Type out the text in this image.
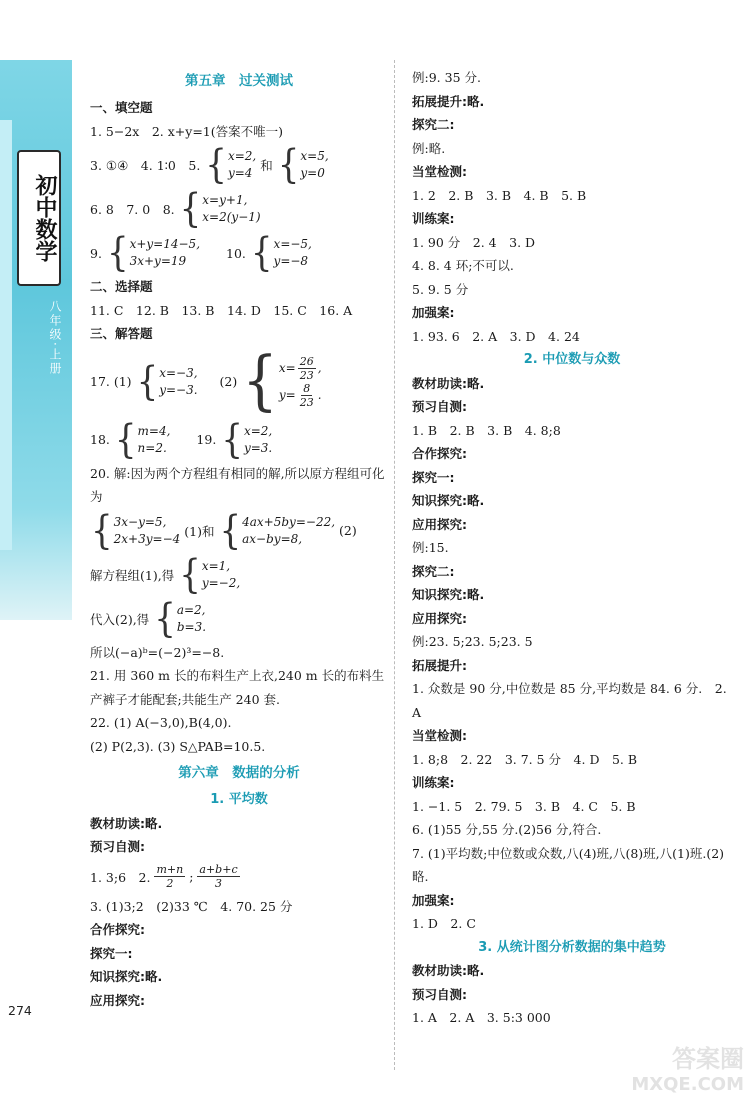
初中数学
八年级·上册
274
第五章　过关测试
一、填空题
1. 5−2x　2. x+y=1(答案不唯一)
3. ①④　4. 1∶0　5. { x=2,
y=4 和 { x=5,
y=0
6. 8　7. 0　8. { x=y+1,
x=2(y−1)
9. { x+y=14−5,
3x+y=19
10. { x=−5,
y=−8
二、选择题
11. C　12. B　13. B　14. D　15. C　16. A
三、解答题
17. (1) { x=−3,
y=−3.
(2) { $x= \frac{26}{23}$ ,
$y= \frac{8}{23}$ .
18. { m=4,
n=2.
19. { x=2,
y=3.
20. 解:因为两个方程组有相同的解,所以原方程组可化为
{ 3x−y=5,
2x+3y=−4 (1)和 { 4ax+5by=−22,
ax−by=8,
(2)
解方程组(1),得 { x=1,
y=−2,
代入(2),得 { a=2,
b=3.
所以(−a)ᵇ=(−2)³=−8.
21. 用 360 m 长的布料生产上衣,240 m 长的布料生产裤子才能配套;共能生产 240 套.
22. (1) A(−3,0),B(4,0).
(2) P(2,3). (3) S△PAB=10.5.
第六章　数据的分析
1. 平均数
教材助读:略.
预习自测:
1. 3;6　2. $\frac{m+n}{2}$ ; $\frac{a+b+c}{3}$
3. (1)3;2　(2)33 ℃　4. 70. 25 分
合作探究:
探究一:
知识探究:略.
应用探究:
例:9. 35 分.
拓展提升:略.
探究二:
例:略.
当堂检测:
1. 2　2. B　3. B　4. B　5. B
训练案:
1. 90 分　2. 4　3. D
4. 8. 4 环;不可以.
5. 9. 5 分
加强案:
1. 93. 6　2. A　3. D　4. 24
2. 中位数与众数
教材助读:略.
预习自测:
1. B　2. B　3. B　4. 8;8
合作探究:
探究一:
知识探究:略.
应用探究:
例:15.
探究二:
知识探究:略.
应用探究:
例:23. 5;23. 5;23. 5
拓展提升:
1. 众数是 90 分,中位数是 85 分,平均数是 84. 6 分.　2. A
当堂检测:
1. 8;8　2. 22　3. 7. 5 分　4. D　5. B
训练案:
1. −1. 5　2. 79. 5　3. B　4. C　5. B
6. (1)55 分,55 分.(2)56 分,符合.
7. (1)平均数;中位数或众数,八(4)班,八(8)班,八(1)班.(2)略.
加强案:
1. D　2. C
3. 从统计图分析数据的集中趋势
教材助读:略.
预习自测:
1. A　2. A　3. 5:3 000
答案圈
MXQE.COM
